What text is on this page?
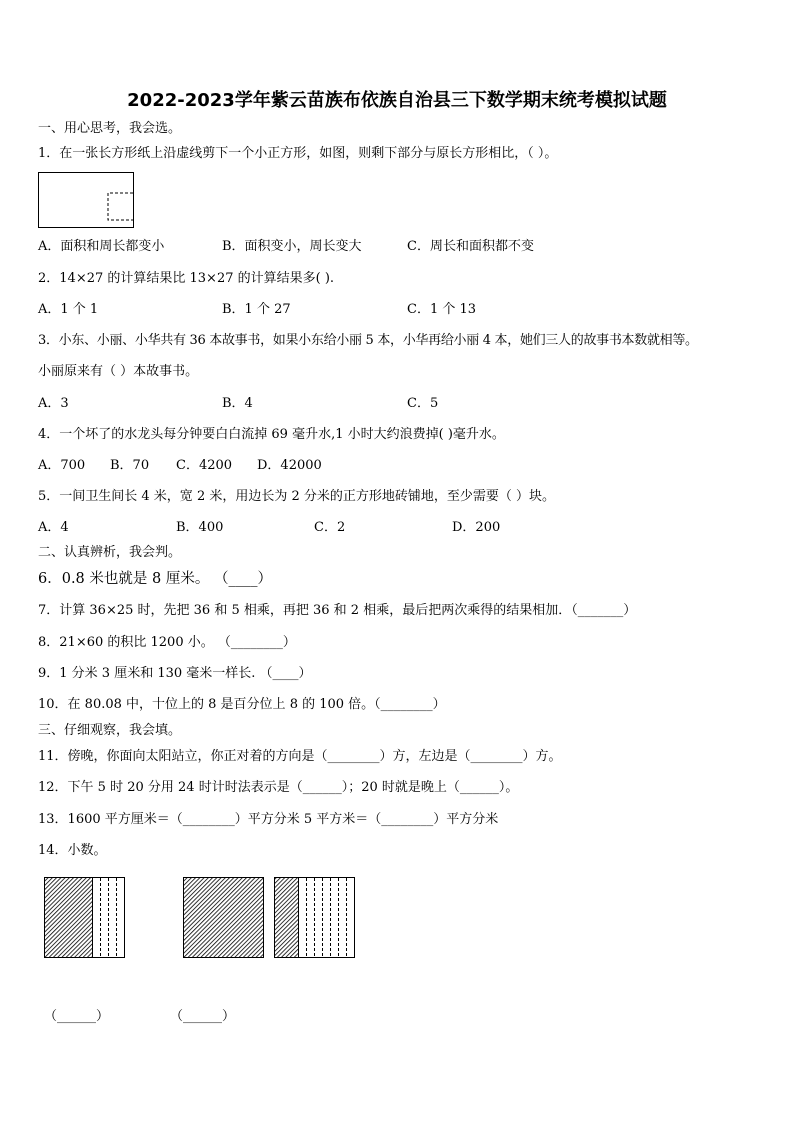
2022-2023学年紫云苗族布依族自治县三下数学期末统考模拟试题
一、用心思考，我会选。
1．在一张长方形纸上沿虚线剪下一个小正方形，如图，则剩下部分与原长方形相比，（ ）。
A．面积和周长都变小	B．面积变小，周长变大	C．周长和面积都不变
2．14×27 的计算结果比 13×27 的计算结果多( ).
A．1 个 1	B．1 个 27	C．1 个 13
3．小东、小丽、小华共有 36 本故事书，如果小东给小丽 5 本，小华再给小丽 4 本，她们三人的故事书本数就相等。
小丽原来有（ ）本故事书。
A．3	B．4	C．5
4．一个坏了的水龙头每分钟要白白流掉 69 毫升水,1 小时大约浪费掉( )毫升水。
A．700 B．70 C．4200 D．42000
5．一间卫生间长 4 米，宽 2 米，用边长为 2 分米的正方形地砖铺地，至少需要（ ）块。
A．4	B．400	C．2	D．200
二、认真辨析，我会判。
6．0.8 米也就是 8 厘米。 （____）
7．计算 36×25 时，先把 36 和 5 相乘，再把 36 和 2 相乘，最后把两次乘得的结果相加．（_______）
8．21×60 的积比 1200 小。 （________）
9．1 分米 3 厘米和 130 毫米一样长. （____）
10．在 80.08 中，十位上的 8 是百分位上 8 的 100 倍。（________）
三、仔细观察，我会填。
11．傍晚，你面向太阳站立，你正对着的方向是（________）方，左边是（________）方。
12．下午 5 时 20 分用 24 时计时法表示是（______）；20 时就是晚上（______）。
13．1600 平方厘米＝（________）平方分米 5 平方米＝（________）平方分米
14．小数。
（______）	（______）
